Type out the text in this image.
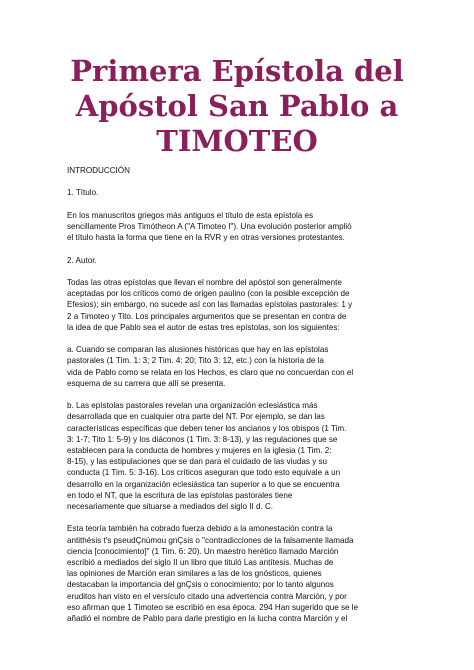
Primera Epístola del
Apóstol San Pablo a
TIMOTEO

INTRODUCCIÓN

1. Título.

En los manuscritos griegos más antiguos el título de esta epístola es
sencillamente Pros Timótheon A ("A Timoteo I"). Una evolución posterior amplió
el título hasta la forma que tiene en la RVR y en otras versiones protestantes.

2. Autor.

Todas las otras epístolas que llevan el nombre del apóstol son generalmente
aceptadas por los críticos como de origen paulino (con la posible excepción de
Efesios); sin embargo, no sucede así con las llamadas epístolas pastorales: 1 y
2 a Timoteo y Tito. Los principales argumentos que se presentan en contra de
la idea de que Pablo sea el autor de estas tres epístolas, son los siguientes:

a. Cuando se comparan las alusiones históricas que hay en las epístolas
pastorales (1 Tim. 1: 3; 2 Tim. 4: 20; Tito 3: 12, etc.) con la historia de la
vida de Pablo como se relata en los Hechos, es claro que no concuerdan con el
esquema de su carrera que allí se presenta.

b. Las epístolas pastorales revelan una organización eclesiástica más
desarrollada que en cualquier otra parte del NT. Por ejemplo, se dan las
características específicas que deben tener los ancianos y los obispos (1 Tim.
3: 1-7; Tito 1: 5-9) y los diáconos (1 Tim. 3: 8-13), y las regulaciones que se
establecen para la conducta de hombres y mujeres en la iglesia (1 Tim. 2:
8-15), y las estipulaciones que se dan para el cuidado de las viudas y su
conducta (1 Tim. 5: 3-16). Los críticos aseguran que todo esto equivale a un
desarrollo en la organización eclesiástica tan superior a lo que se encuentra
en todo el NT, que la escritura de las epístolas pastorales tiene
necesariamente que situarse a mediados del siglo II d. C.

Esta teoría también ha cobrado fuerza debido a la amonestación contra la
antithésis t's pseudÇnúmou gnÇsis o "contradicciones de la falsamente llamada
ciencia [conocimiento]" (1 Tim. 6: 20). Un maestro herético llamado Marción
escribió a mediados del siglo II un libro que tituló Las antítesis. Muchas de
las opiniones de Marción eran similares a las de los gnósticos, quienes
destacaban la importancia del gnÇsis o conocimiento; por lo tanto algunos
eruditos han visto en el versículo citado una advertencia contra Marción, y por
eso afirman que 1 Timoteo se escribió en esa época. 294 Han sugerido que se le
añadió el nombre de Pablo para darle prestigio en la lucha contra Marción y el
